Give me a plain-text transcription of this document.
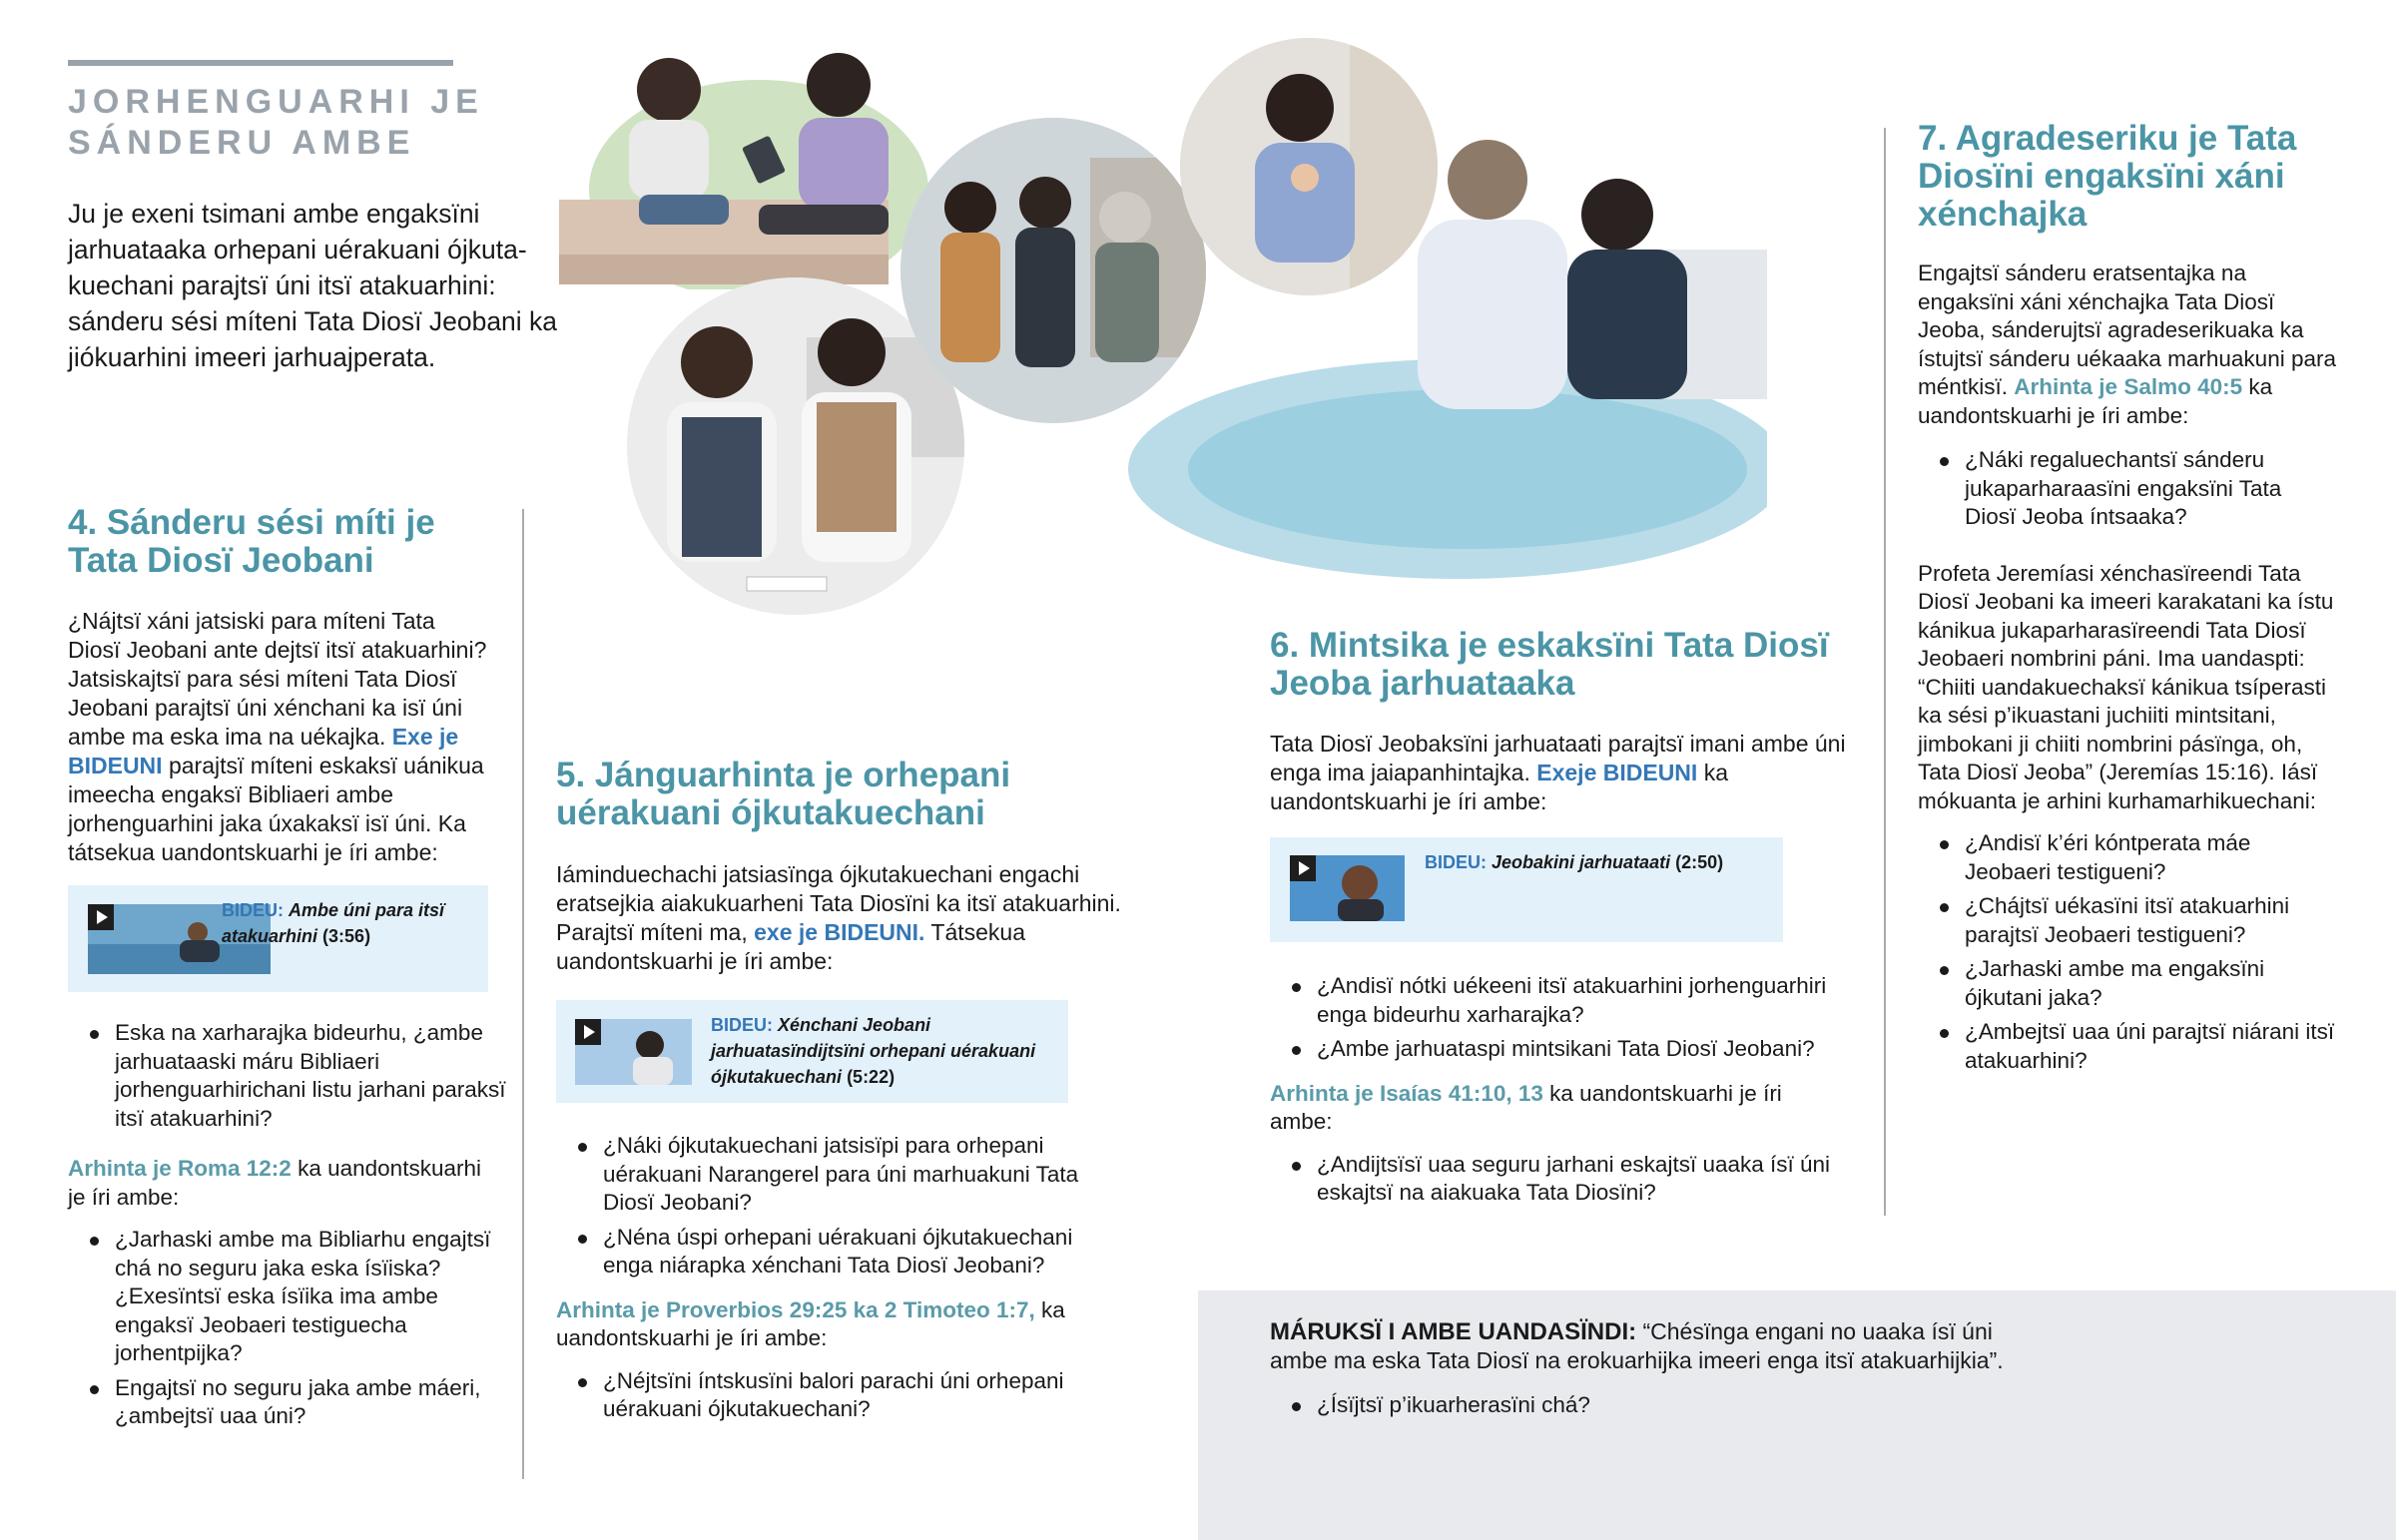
JORHENGUARHI JE
SÁNDERU AMBE

Ju je exeni tsimani ambe engaksïni jarhuataaka orhepani uérakuani ójkuta-kuechani parajtsï úni itsï atakuarhini: sánderu sési míteni Tata Diosï Jeobani ka jiókuarhini imeeri jarhuajperata.

4. Sánderu sési míti je Tata Diosï Jeobani

¿Nájtsï xáni jatsiski para míteni Tata Diosï Jeobani ante dejtsï itsï atakuarhini? Jatsiskajtsï para sési míteni Tata Diosï Jeobani parajtsï úni xénchani ka isï úni ambe ma eska ima na uékajka. Exe je BIDEUNI parajtsï míteni eskaksï uánikua imeecha engaksï Bibliaeri ambe jorhenguarhini jaka úxakaksï isï úni. Ka tátsekua uandontskuarhi je íri ambe:

BIDEU: Ambe úni para itsï atakuarhini (3:56)
Eska na xarharajka bideurhu, ¿ambe jarhuataaski máru Bibliaeri jorhenguarhirichani listu jarhani paraksï itsï atakuarhini?

Arhinta je Roma 12:2 ka uandontskuarhi je íri ambe:

¿Jarhaski ambe ma Bibliarhu engajtsï chá no seguru jaka eska ísïiska? ¿Exesïntsï eska ísïika ima ambe engaksï Jeobaeri testiguecha jorhentpijka?
Engajtsï no seguru jaka ambe máeri, ¿ambejtsï uaa úni?
5. Jánguarhinta je orhepani uérakuani ójkutakuechani

Iáminduechachi jatsiasïnga ójkutakuechani engachi eratsejkia aiakukuarheni Tata Diosïni ka itsï atakuarhini. Parajtsï míteni ma, exe je BIDEUNI. Tátsekua uandontskuarhi je íri ambe:

BIDEU: Xénchani Jeobani jarhuatasïndijtsïni orhepani uérakuani ójkutakuechani (5:22)
¿Náki ójkutakuechani jatsisïpi para orhepani uérakuani Narangerel para úni marhuakuni Tata Diosï Jeobani?
¿Néna úspi orhepani uérakuani ójkutakuechani enga niárapka xénchani Tata Diosï Jeobani?

Arhinta je Proverbios 29:25 ka 2 Timoteo 1:7, ka uandontskuarhi je íri ambe:

¿Néjtsïni íntskusïni balori parachi úni orhepani uérakuani ójkutakuechani?
6. Mintsika je eskaksïni Tata Diosï Jeoba jarhuataaka

Tata Diosï Jeobaksïni jarhuataati parajtsï imani ambe úni enga ima jaiapanhintajka. Exeje BIDEUNI ka uandontskuarhi je íri ambe:

BIDEU: Jeobakini jarhuataati (2:50)
¿Andisï nótki uékeeni itsï atakuarhini jorhenguarhiri enga bideurhu xarharajka?
¿Ambe jarhuataspi mintsikani Tata Diosï Jeobani?

Arhinta je Isaías 41:10, 13 ka uandontskuarhi je íri ambe:

¿Andijtsïsï uaa seguru jarhani eskajtsï uaaka ísï úni eskajtsï na aiakuaka Tata Diosïni?
7. Agradeseriku je Tata Diosïni engaksïni xáni xénchajka

Engajtsï sánderu eratsentajka na engaksïni xáni xénchajka Tata Diosï Jeoba, sánderujtsï agradeserikuaka ka ístujtsï sánderu uékaaka marhuakuni para méntkisï. Arhinta je Salmo 40:5 ka uandontskuarhi je íri ambe:

¿Náki regaluechantsï sánderu jukaparharaasïni engaksïni Tata Diosï Jeoba íntsaaka?

Profeta Jeremíasi xénchasïreendi Tata Diosï Jeobani ka imeeri karakatani ka ístu kánikua jukaparharasïreendi Tata Diosï Jeobaeri nombrini páni. Ima uandaspti: “Chiiti uandakuechaksï kánikua tsíperasti ka sési p’ikuastani juchiiti mintsitani, jimbokani ji chiiti nombrini pásïnga, oh, Tata Diosï Jeoba” (Jeremías 15:16). Iásï mókuanta je arhini kurhamarhikuechani:

¿Andisï k’éri kóntperata máe Jeobaeri testigueni?
¿Chájtsï uékasïni itsï atakuarhini parajtsï Jeobaeri testigueni?
¿Jarhaski ambe ma engaksïni ójkutani jaka?
¿Ambejtsï uaa úni parajtsï niárani itsï atakuarhini?

MÁRUKSÏ I AMBE UANDASÏNDI: “Chésïnga engani no uaaka ísï úni ambe ma eska Tata Diosï na erokuarhijka imeeri enga itsï atakuarhijkia”.

¿Ísïjtsï p’ikuarherasïni chá?
